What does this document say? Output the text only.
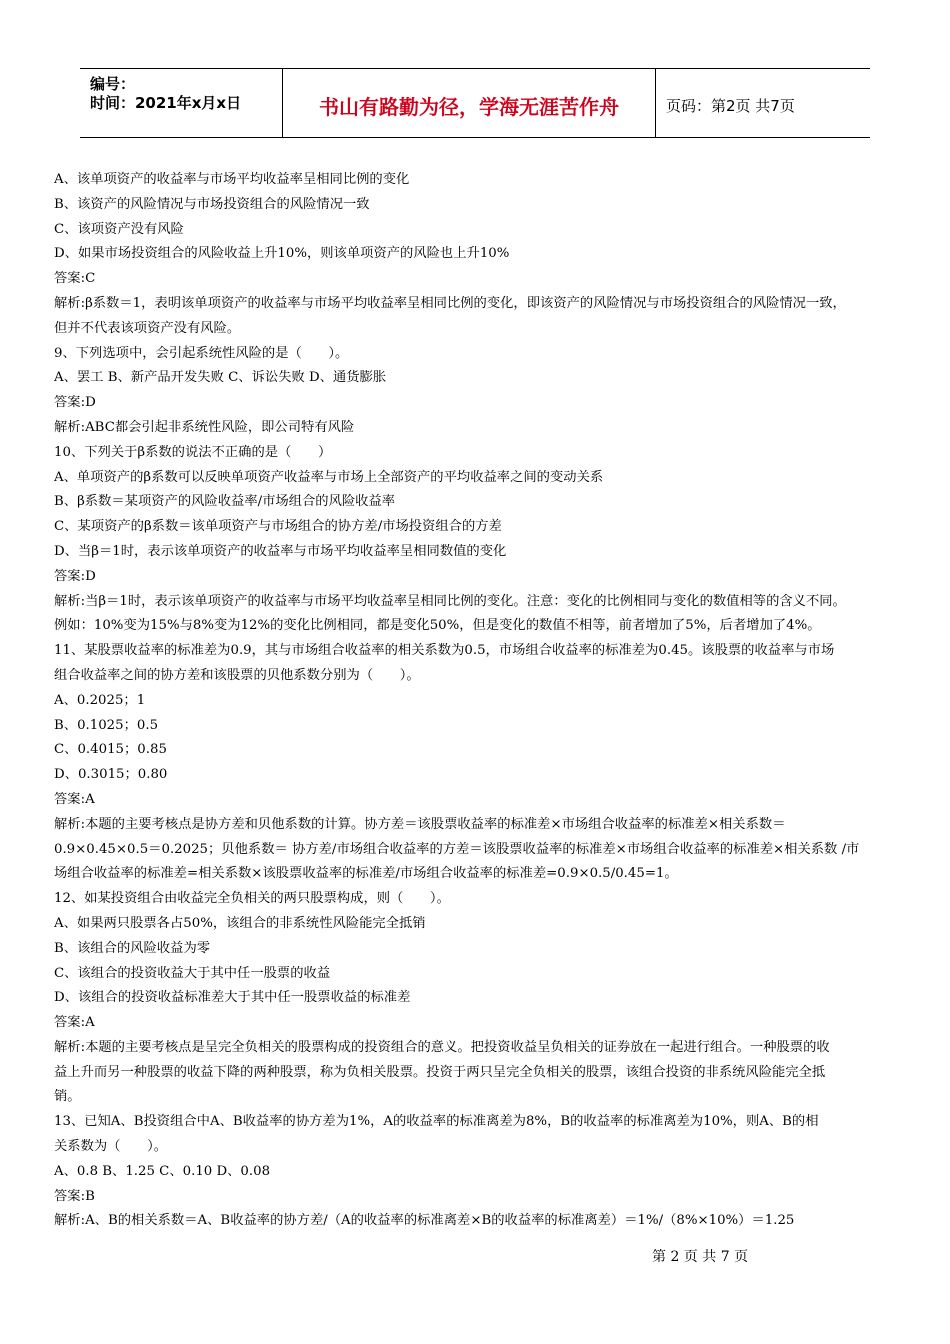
编号：
时间：2021年x月x日	书山有路勤为径，学海无涯苦作舟	页码：第2页 共7页
A、该单项资产的收益率与市场平均收益率呈相同比例的变化
B、该资产的风险情况与市场投资组合的风险情况一致
C、该项资产没有风险
D、如果市场投资组合的风险收益上升10%，则该单项资产的风险也上升10%
答案:C
解析:β系数＝1，表明该单项资产的收益率与市场平均收益率呈相同比例的变化，即该资产的风险情况与市场投资组合的风险情况一致，
但并不代表该项资产没有风险。
9、下列选项中，会引起系统性风险的是（　　）。
A、罢工 B、新产品开发失败 C、诉讼失败 D、通货膨胀
答案:D
解析:ABC都会引起非系统性风险，即公司特有风险
10、下列关于β系数的说法不正确的是（　　）
A、单项资产的β系数可以反映单项资产收益率与市场上全部资产的平均收益率之间的变动关系
B、β系数＝某项资产的风险收益率/市场组合的风险收益率
C、某项资产的β系数＝该单项资产与市场组合的协方差/市场投资组合的方差
D、当β＝1时，表示该单项资产的收益率与市场平均收益率呈相同数值的变化
答案:D
解析:当β＝1时，表示该单项资产的收益率与市场平均收益率呈相同比例的变化。注意：变化的比例相同与变化的数值相等的含义不同。
例如：10%变为15%与8%变为12%的变化比例相同，都是变化50%，但是变化的数值不相等，前者增加了5%，后者增加了4%。
11、某股票收益率的标准差为0.9，其与市场组合收益率的相关系数为0.5，市场组合收益率的标准差为0.45。该股票的收益率与市场
组合收益率之间的协方差和该股票的贝他系数分别为（　　）。
A、0.2025；1
B、0.1025；0.5
C、0.4015；0.85
D、0.3015；0.80
答案:A
解析:本题的主要考核点是协方差和贝他系数的计算。协方差＝该股票收益率的标准差×市场组合收益率的标准差×相关系数＝
0.9×0.45×0.5＝0.2025；贝他系数＝ 协方差/市场组合收益率的方差＝该股票收益率的标准差×市场组合收益率的标准差×相关系数 /市
场组合收益率的标准差=相关系数×该股票收益率的标准差/市场组合收益率的标准差=0.9×0.5/0.45=1。
12、如某投资组合由收益完全负相关的两只股票构成，则（　　）。
A、如果两只股票各占50%，该组合的非系统性风险能完全抵销
B、该组合的风险收益为零
C、该组合的投资收益大于其中任一股票的收益
D、该组合的投资收益标准差大于其中任一股票收益的标准差
答案:A
解析:本题的主要考核点是呈完全负相关的股票构成的投资组合的意义。把投资收益呈负相关的证券放在一起进行组合。一种股票的收
益上升而另一种股票的收益下降的两种股票，称为负相关股票。投资于两只呈完全负相关的股票，该组合投资的非系统风险能完全抵
销。
13、已知A、B投资组合中A、B收益率的协方差为1%，A的收益率的标准离差为8%，B的收益率的标准离差为10%，则A、B的相
关系数为（　　）。
A、0.8 B、1.25 C、0.10 D、0.08
答案:B
解析:A、B的相关系数＝A、B收益率的协方差/（A的收益率的标准离差×B的收益率的标准离差）＝1%/（8%×10%）＝1.25
第 2 页 共 7 页
